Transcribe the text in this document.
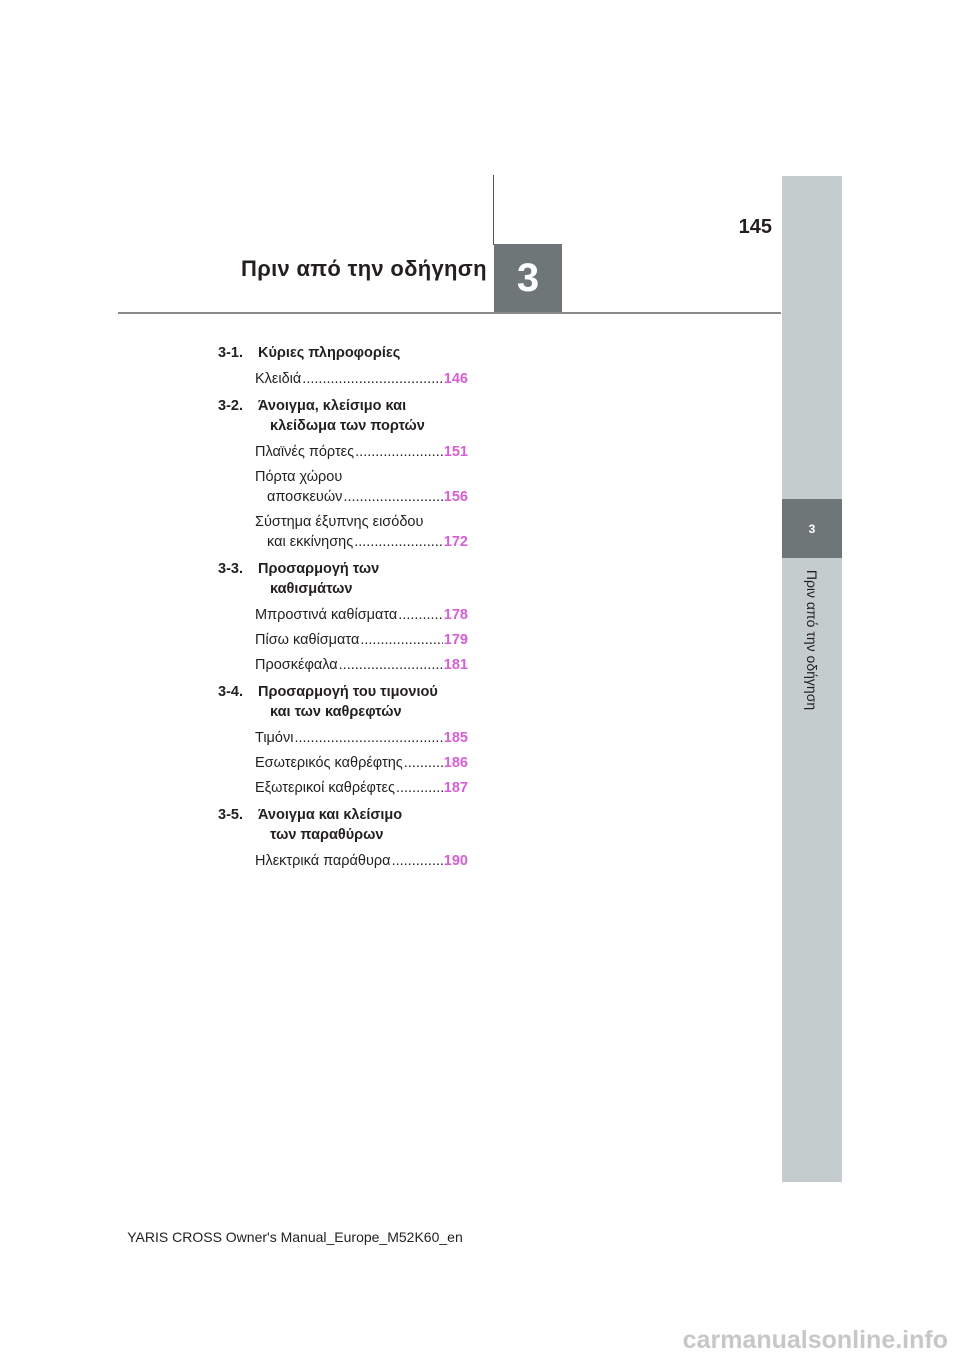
3
145
Πριν από την οδήγηση
3
Πριν από την οδήγηση
3-1.	Κύριες πληροφορίες
Κλειδιά .....	146
3-2.	Άνοιγμα, κλείσιμο και
κλείδωμα των πορτών
Πλαϊνές πόρτες .....	151
Πόρτα χώρου
αποσκευών .....	156
Σύστημα έξυπνης εισόδου
και εκκίνησης .....	172
3-3.	Προσαρμογή των
καθισμάτων
Μπροστινά καθίσματα .....	178
Πίσω καθίσματα .....	179
Προσκέφαλα .....	181
3-4.	Προσαρμογή του τιμονιού
και των καθρεφτών
Τιμόνι .....	185
Εσωτερικός καθρέφτης .....	186
Εξωτερικοί καθρέφτες .....	187
3-5.	Άνοιγμα και κλείσιμο
των παραθύρων
Ηλεκτρικά παράθυρα .....	190
YARIS CROSS Owner's Manual_Europe_M52K60_en
carmanualsonline.info
